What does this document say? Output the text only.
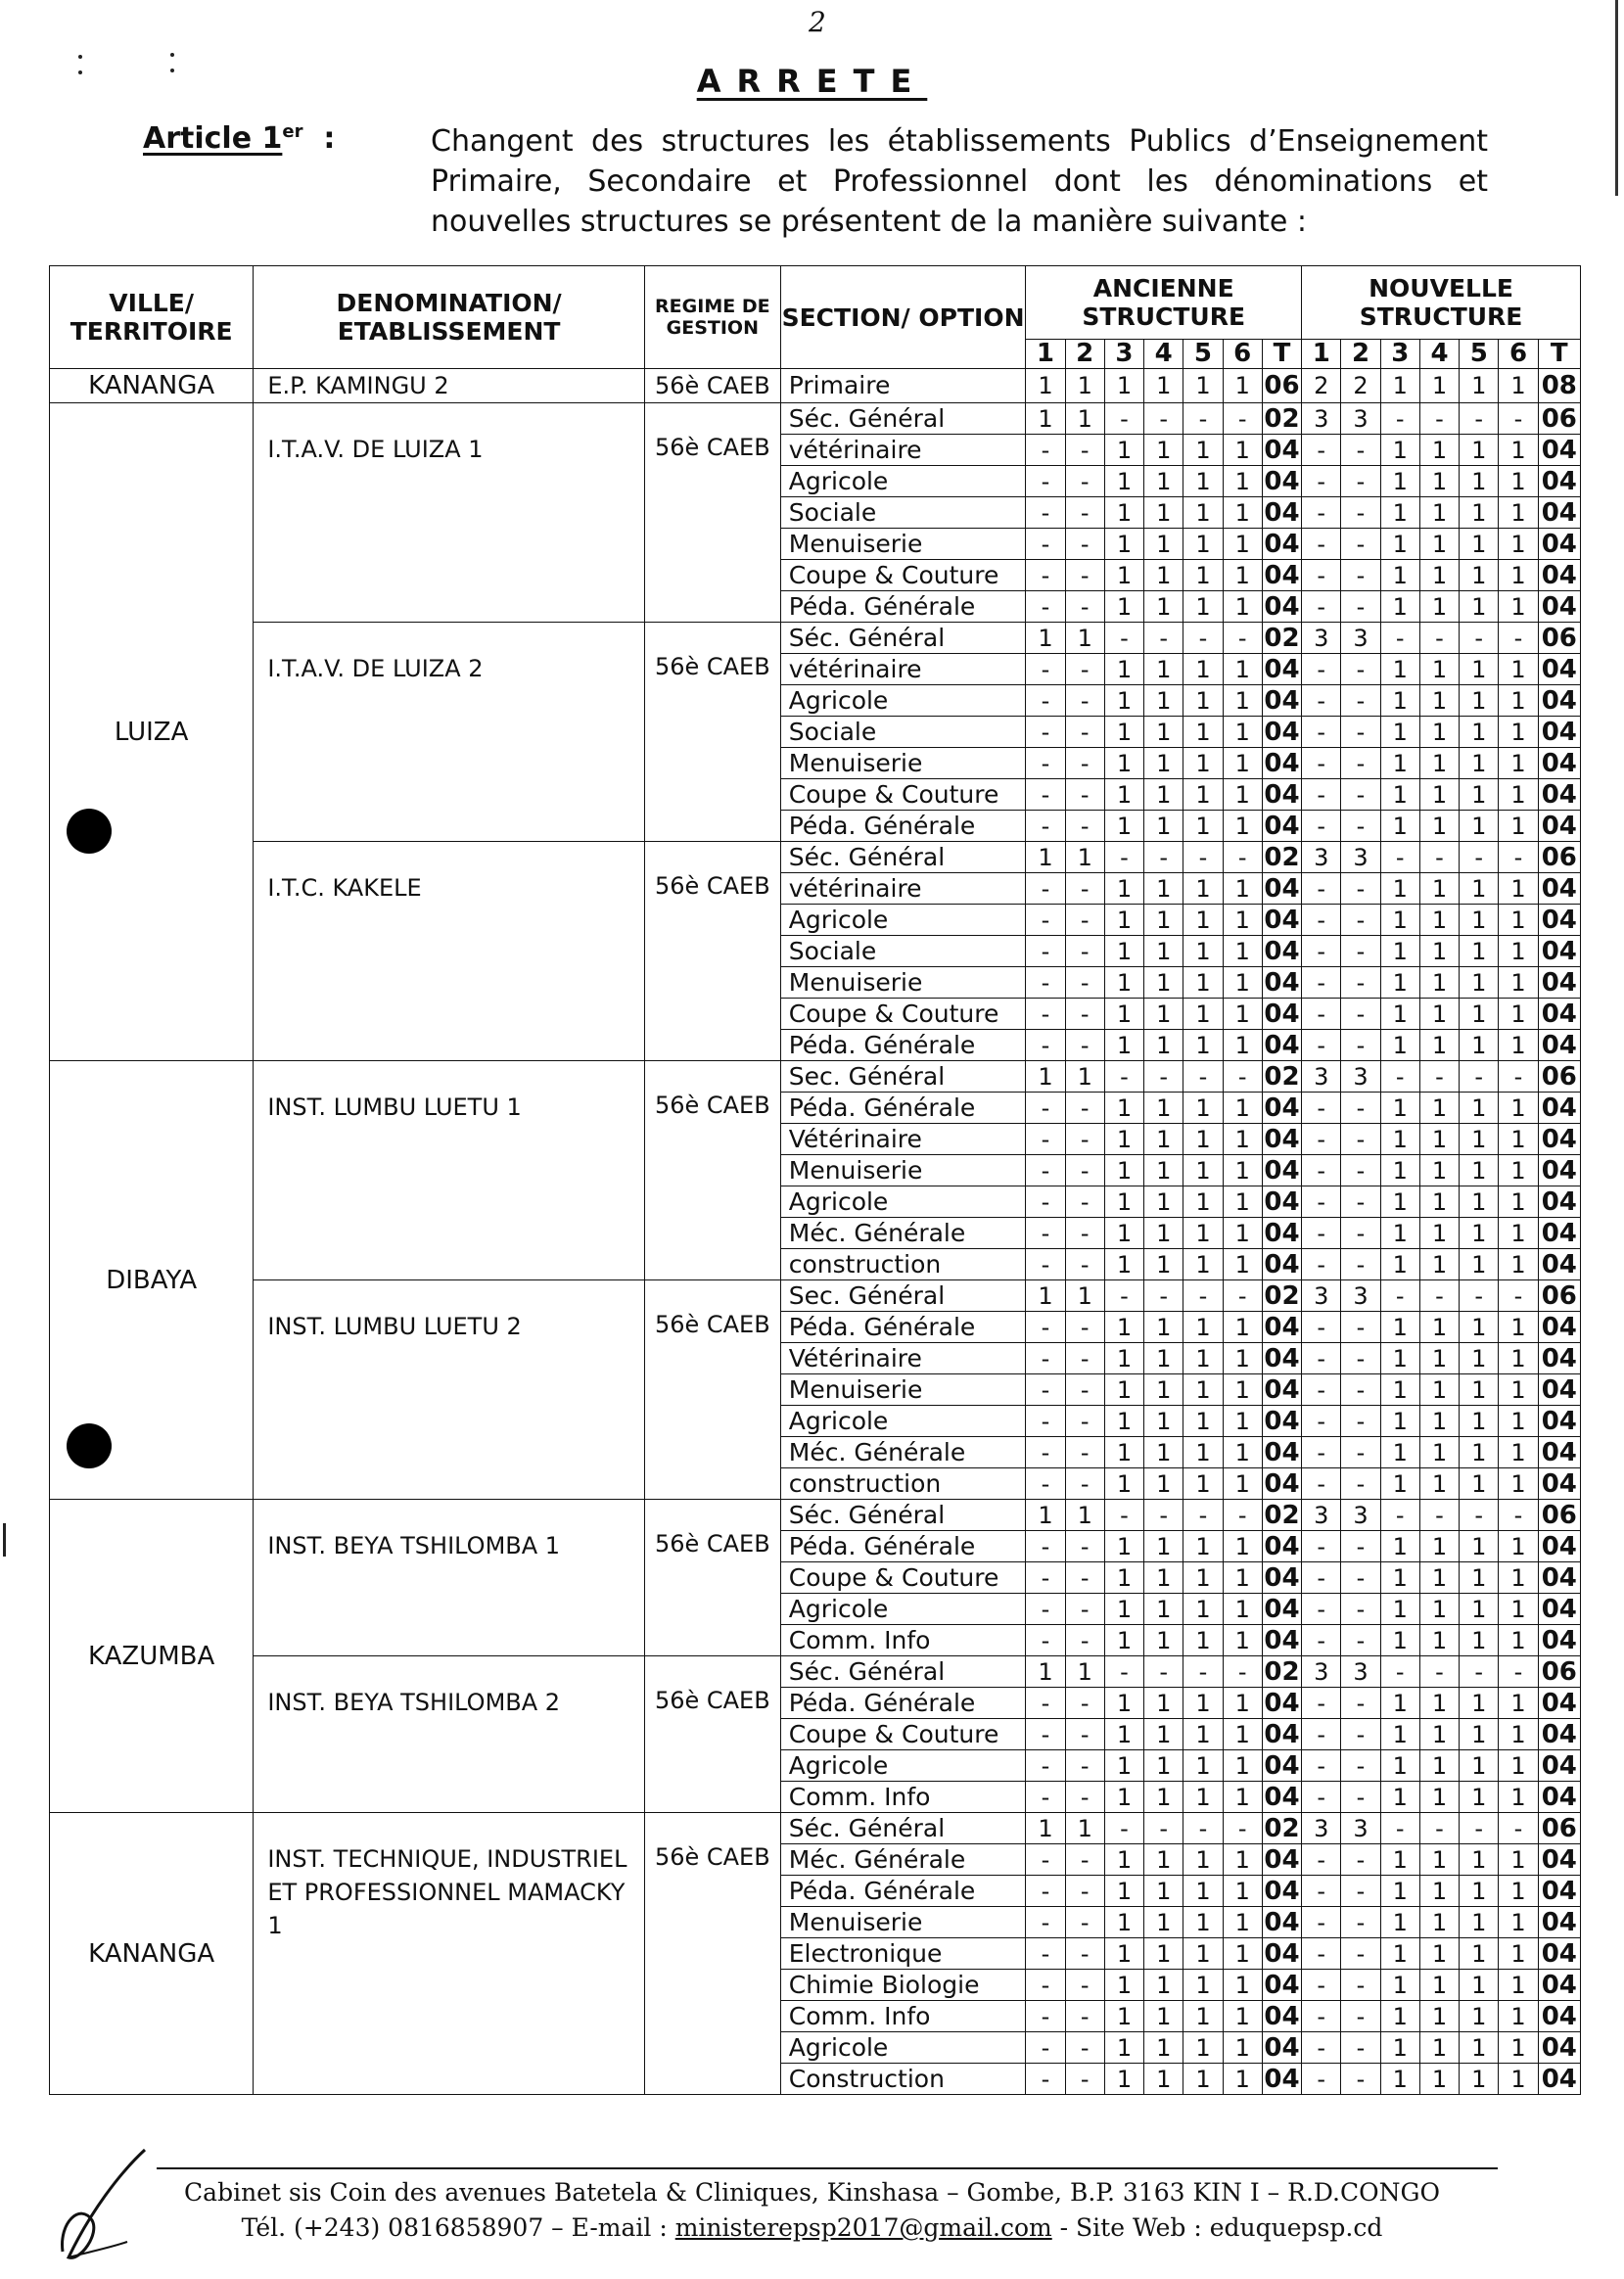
2
ARRETE
Article 1er :	Changent des structures les établissements Publics d’Enseignement Primaire, Secondaire et Professionnel dont les dénominations et nouvelles structures se présentent de la manière suivante :
VILLE/ TERRITOIRE	DENOMINATION/ ETABLISSEMENT	REGIME DE GESTION	SECTION/ OPTION	ANCIENNE STRUCTURE							NOUVELLE STRUCTURE						
				1	2	3	4	5	6	T	1	2	3	4	5	6	T
KANANGA	E.P. KAMINGU 2	56è CAEB	Primaire	1	1	1	1	1	1	06	2	2	1	1	1	1	08
LUIZA	I.T.A.V. DE LUIZA 1	56è CAEB	Séc. Général	1	1	-	-	-	-	02	3	3	-	-	-	-	06
			vétérinaire	-	-	1	1	1	1	04	-	-	1	1	1	1	04
			Agricole	-	-	1	1	1	1	04	-	-	1	1	1	1	04
			Sociale	-	-	1	1	1	1	04	-	-	1	1	1	1	04
			Menuiserie	-	-	1	1	1	1	04	-	-	1	1	1	1	04
			Coupe & Couture	-	-	1	1	1	1	04	-	-	1	1	1	1	04
			Péda. Générale	-	-	1	1	1	1	04	-	-	1	1	1	1	04
	I.T.A.V. DE LUIZA 2	56è CAEB	Séc. Général	1	1	-	-	-	-	02	3	3	-	-	-	-	06
			vétérinaire	-	-	1	1	1	1	04	-	-	1	1	1	1	04
			Agricole	-	-	1	1	1	1	04	-	-	1	1	1	1	04
			Sociale	-	-	1	1	1	1	04	-	-	1	1	1	1	04
			Menuiserie	-	-	1	1	1	1	04	-	-	1	1	1	1	04
			Coupe & Couture	-	-	1	1	1	1	04	-	-	1	1	1	1	04
			Péda. Générale	-	-	1	1	1	1	04	-	-	1	1	1	1	04
	I.T.C. KAKELE	56è CAEB	Séc. Général	1	1	-	-	-	-	02	3	3	-	-	-	-	06
			vétérinaire	-	-	1	1	1	1	04	-	-	1	1	1	1	04
			Agricole	-	-	1	1	1	1	04	-	-	1	1	1	1	04
			Sociale	-	-	1	1	1	1	04	-	-	1	1	1	1	04
			Menuiserie	-	-	1	1	1	1	04	-	-	1	1	1	1	04
			Coupe & Couture	-	-	1	1	1	1	04	-	-	1	1	1	1	04
			Péda. Générale	-	-	1	1	1	1	04	-	-	1	1	1	1	04
DIBAYA	INST. LUMBU LUETU 1	56è CAEB	Sec. Général	1	1	-	-	-	-	02	3	3	-	-	-	-	06
			Péda. Générale	-	-	1	1	1	1	04	-	-	1	1	1	1	04
			Vétérinaire	-	-	1	1	1	1	04	-	-	1	1	1	1	04
			Menuiserie	-	-	1	1	1	1	04	-	-	1	1	1	1	04
			Agricole	-	-	1	1	1	1	04	-	-	1	1	1	1	04
			Méc. Générale	-	-	1	1	1	1	04	-	-	1	1	1	1	04
			construction	-	-	1	1	1	1	04	-	-	1	1	1	1	04
	INST. LUMBU LUETU 2	56è CAEB	Sec. Général	1	1	-	-	-	-	02	3	3	-	-	-	-	06
			Péda. Générale	-	-	1	1	1	1	04	-	-	1	1	1	1	04
			Vétérinaire	-	-	1	1	1	1	04	-	-	1	1	1	1	04
			Menuiserie	-	-	1	1	1	1	04	-	-	1	1	1	1	04
			Agricole	-	-	1	1	1	1	04	-	-	1	1	1	1	04
			Méc. Générale	-	-	1	1	1	1	04	-	-	1	1	1	1	04
			construction	-	-	1	1	1	1	04	-	-	1	1	1	1	04
KAZUMBA	INST. BEYA TSHILOMBA 1	56è CAEB	Séc. Général	1	1	-	-	-	-	02	3	3	-	-	-	-	06
			Péda. Générale	-	-	1	1	1	1	04	-	-	1	1	1	1	04
			Coupe & Couture	-	-	1	1	1	1	04	-	-	1	1	1	1	04
			Agricole	-	-	1	1	1	1	04	-	-	1	1	1	1	04
			Comm. Info	-	-	1	1	1	1	04	-	-	1	1	1	1	04
	INST. BEYA TSHILOMBA 2	56è CAEB	Séc. Général	1	1	-	-	-	-	02	3	3	-	-	-	-	06
			Péda. Générale	-	-	1	1	1	1	04	-	-	1	1	1	1	04
			Coupe & Couture	-	-	1	1	1	1	04	-	-	1	1	1	1	04
			Agricole	-	-	1	1	1	1	04	-	-	1	1	1	1	04
			Comm. Info	-	-	1	1	1	1	04	-	-	1	1	1	1	04
KANANGA	INST. TECHNIQUE, INDUSTRIEL ET PROFESSIONNEL MAMACKY 1	56è CAEB	Séc. Général	1	1	-	-	-	-	02	3	3	-	-	-	-	06
			Méc. Générale	-	-	1	1	1	1	04	-	-	1	1	1	1	04
			Péda. Générale	-	-	1	1	1	1	04	-	-	1	1	1	1	04
			Menuiserie	-	-	1	1	1	1	04	-	-	1	1	1	1	04
			Electronique	-	-	1	1	1	1	04	-	-	1	1	1	1	04
			Chimie Biologie	-	-	1	1	1	1	04	-	-	1	1	1	1	04
			Comm. Info	-	-	1	1	1	1	04	-	-	1	1	1	1	04
			Agricole	-	-	1	1	1	1	04	-	-	1	1	1	1	04
			Construction	-	-	1	1	1	1	04	-	-	1	1	1	1	04
Cabinet sis Coin des avenues Batetela & Cliniques, Kinshasa – Gombe, B.P. 3163 KIN I – R.D.CONGO
Tél. (+243) 0816858907 – E-mail : ministerepsp2017@gmail.com - Site Web : eduquepsp.cd
